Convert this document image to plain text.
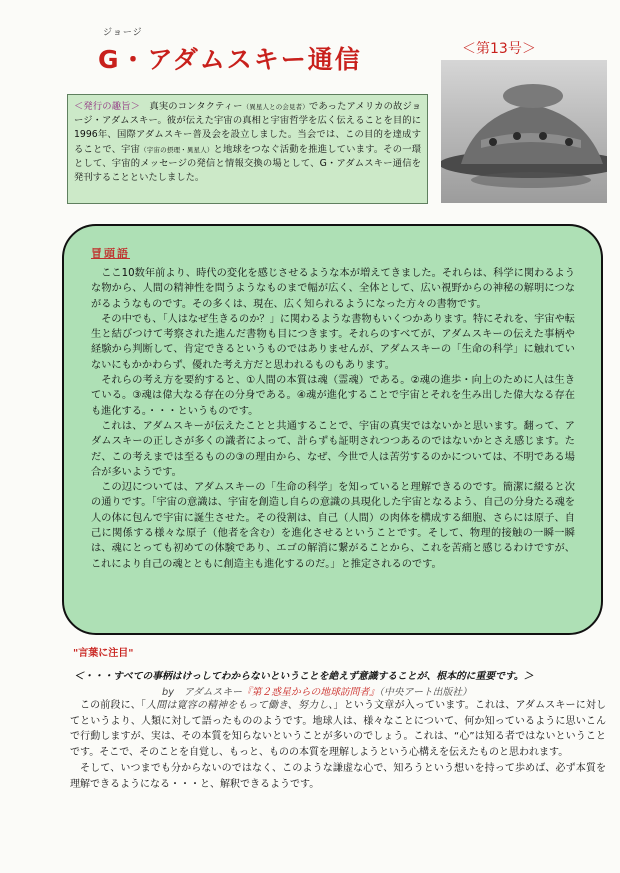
ジョージ
G・アダムスキー通信	＜第13号＞
＜発行の趣旨＞　真実のコンタクティー（異星人との会見者）であったアメリカの故ジョージ・アダムスキー。彼が伝えた宇宙の真相と宇宙哲学を広く伝えることを目的に1996年、国際アダムスキー普及会を設立しました。当会では、この目的を達成することで、宇宙（宇宙の摂理・異星人）と地球をつなぐ活動を推進しています。その一環として、宇宙的メッセージの発信と情報交換の場として、G・アダムスキー通信を発刊することといたしました。
冒頭語

ここ10数年前より、時代の変化を感じさせるような本が増えてきました。それらは、科学に関わるような物から、人間の精神性を問うようなものまで幅が広く、全体として、広い視野からの神秘の解明につながるようなものです。その多くは、現在、広く知られるようになった方々の書物です。

その中でも、「人はなぜ生きるのか？」に関わるような書物もいくつかあります。特にそれを、宇宙や転生と結びつけて考察された進んだ書物も目につきます。それらのすべてが、アダムスキーの伝えた事柄や経験から判断して、肯定できるというものではありませんが、アダムスキーの「生命の科学」に触れていないにもかかわらず、優れた考え方だと思われるものもあります。

それらの考え方を要約すると、①人間の本質は魂（霊魂）である。②魂の進歩・向上のために人は生きている。③魂は偉大なる存在の分身である。④魂が進化することで宇宙とそれを生み出した偉大なる存在も進化する。・・・というものです。

これは、アダムスキーが伝えたことと共通することで、宇宙の真実ではないかと思います。翻って、アダムスキーの正しさが多くの識者によって、計らずも証明されつつあるのではないかとさえ感じます。ただ、この考えまでは至るものの③の理由から、なぜ、今世で人は苦労するのかについては、不明である場合が多いようです。

この辺については、アダムスキーの「生命の科学」を知っていると理解できるのです。簡潔に綴ると次の通りです。「宇宙の意識は、宇宙を創造し自らの意識の具現化した宇宙となるよう、自己の分身たる魂を人の体に包んで宇宙に誕生させた。その役割は、自己（人間）の肉体を構成する細胞、さらには原子、自己に関係する様々な原子（他者を含む）を進化させるということです。そして、物理的接触の一瞬一瞬は、魂にとっても初めての体験であり、エゴの解消に繋がることから、これを苦痛と感じるわけですが、これにより自己の魂とともに創造主も進化するのだ。」と推定されるのです。

"言葉に注目"
＜・・・すべての事柄はけっしてわからないということを絶えず意識することが、根本的に重要です。＞
by　アダムスキー『第２惑星からの地球訪問者』（中央アート出版社）

この前段に、「人間は寛容の精神をもって働き、努力し、」という文章が入っています。これは、アダムスキーに対してというより、人類に対して語ったもののようです。地球人は、様々なことについて、何か知っているように思いこんで行動しますが、実は、その本質を知らないということが多いのでしょう。これは、“心”は知る者ではないということです。そこで、そのことを自覚し、もっと、ものの本質を理解しようという心構えを伝えたものと思われます。

そして、いつまでも分からないのではなく、このような謙虚な心で、知ろうという想いを持って歩めば、必ず本質を理解できるようになる・・・と、解釈できるようです。
